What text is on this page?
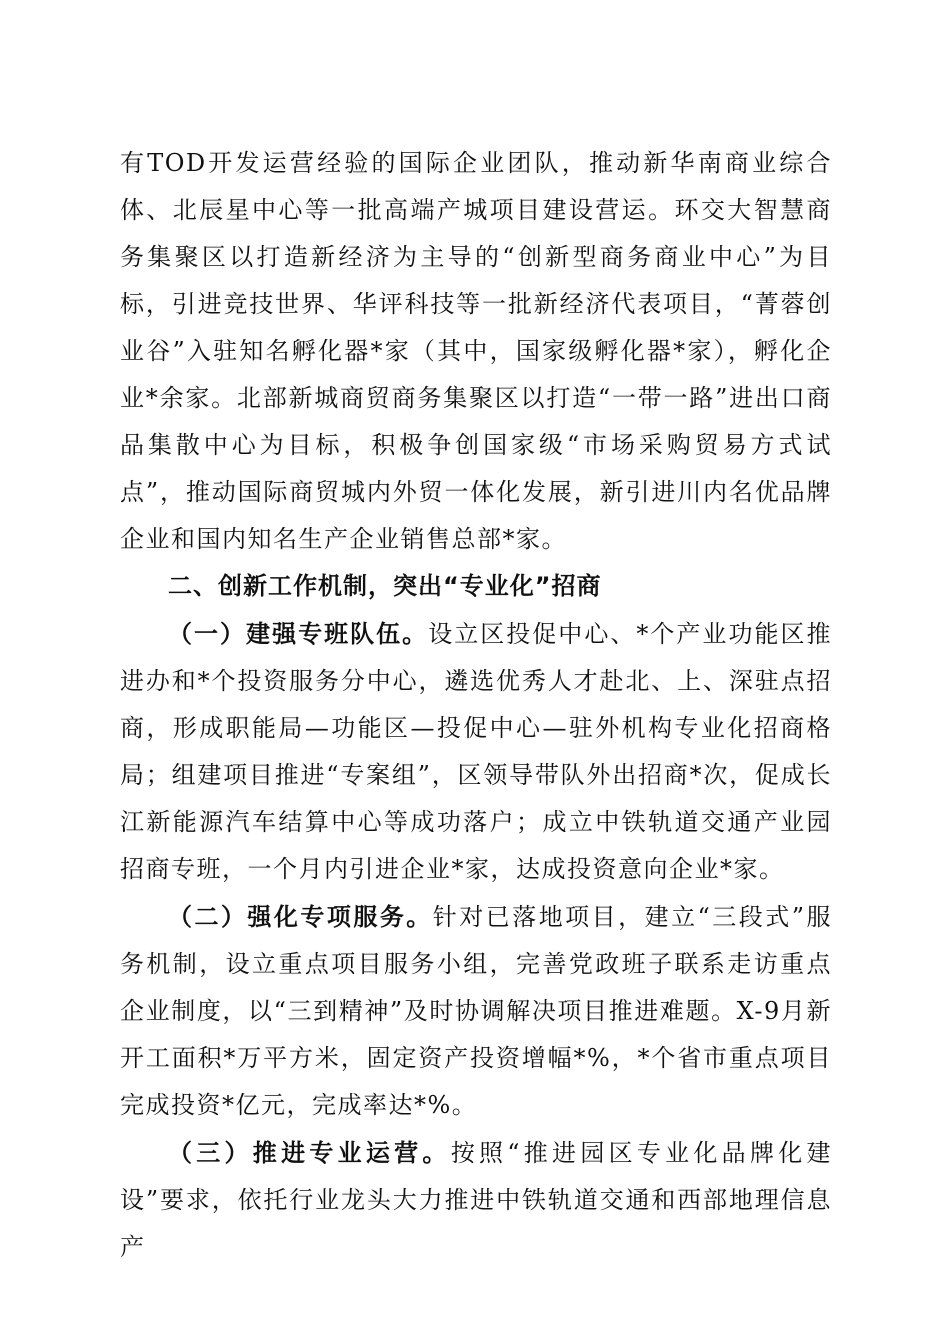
有TOD开发运营经验的国际企业团队，推动新华南商业综合体、北辰星中心等一批高端产城项目建设营运。环交大智慧商务集聚区以打造新经济为主导的“创新型商务商业中心”为目标，引进竞技世界、华评科技等一批新经济代表项目，“菁蓉创业谷”入驻知名孵化器*家（其中，国家级孵化器*家），孵化企业*余家。北部新城商贸商务集聚区以打造“一带一路”进出口商品集散中心为目标，积极争创国家级“市场采购贸易方式试点”，推动国际商贸城内外贸一体化发展，新引进川内名优品牌企业和国内知名生产企业销售总部*家。

二、创新工作机制，突出“专业化”招商

（一）建强专班队伍。设立区投促中心、*个产业功能区推进办和*个投资服务分中心，遴选优秀人才赴北、上、深驻点招商，形成职能局—功能区—投促中心—驻外机构专业化招商格局；组建项目推进“专案组”，区领导带队外出招商*次，促成长江新能源汽车结算中心等成功落户；成立中铁轨道交通产业园招商专班，一个月内引进企业*家，达成投资意向企业*家。

（二）强化专项服务。针对已落地项目，建立“三段式”服务机制，设立重点项目服务小组，完善党政班子联系走访重点企业制度，以“三到精神”及时协调解决项目推进难题。X-9月新开工面积*万平方米，固定资产投资增幅*%，*个省市重点项目完成投资*亿元，完成率达*%。

（三）推进专业运营。按照“推进园区专业化品牌化建设”要求，依托行业龙头大力推进中铁轨道交通和西部地理信息产
